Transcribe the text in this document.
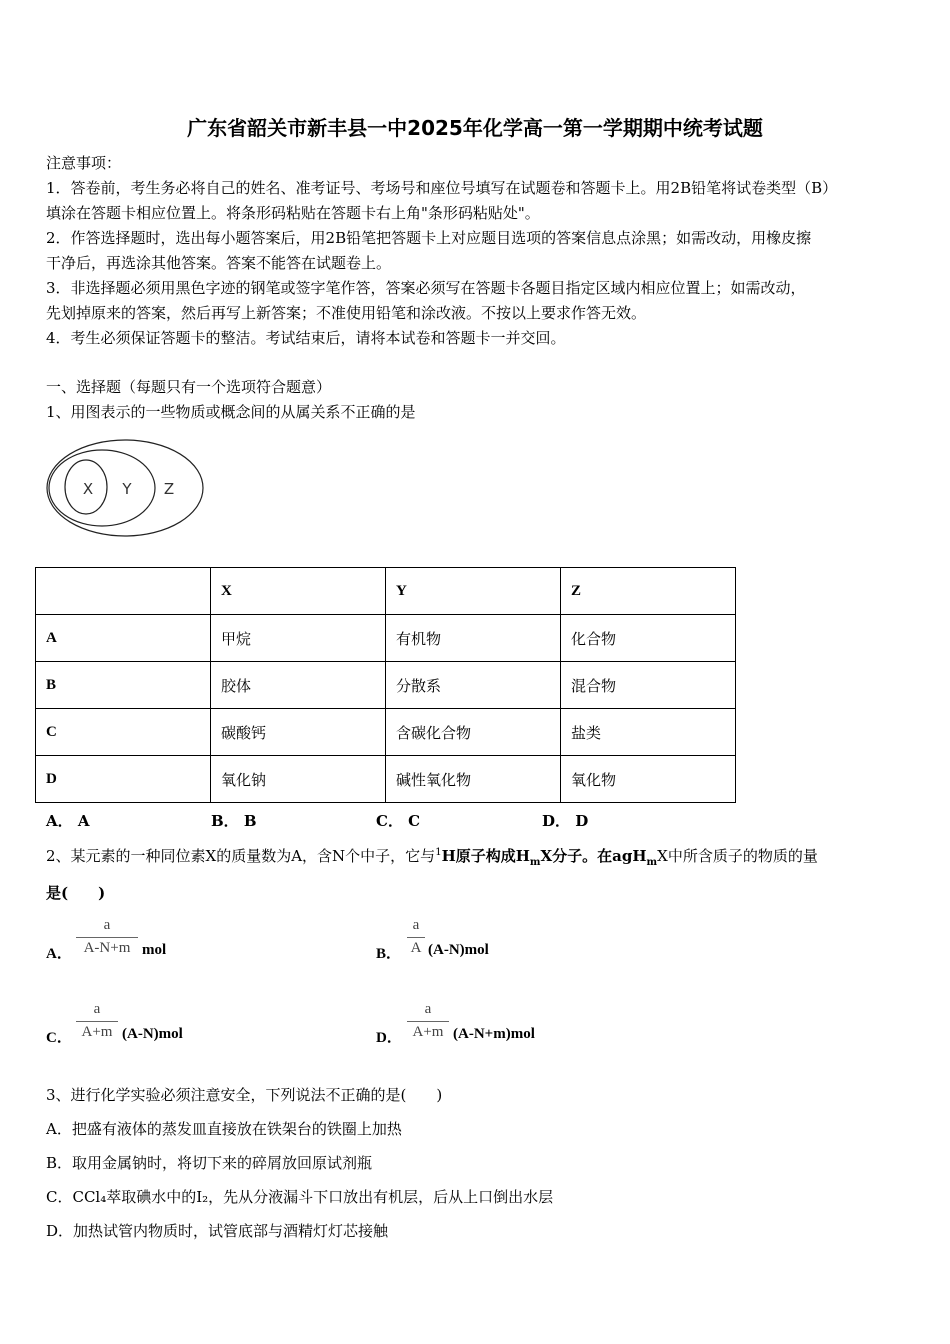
广东省韶关市新丰县一中2025年化学高一第一学期期中统考试题
注意事项：
1．答卷前，考生务必将自己的姓名、准考证号、考场号和座位号填写在试题卷和答题卡上。用2B铅笔将试卷类型（B）
填涂在答题卡相应位置上。将条形码粘贴在答题卡右上角"条形码粘贴处"。
2．作答选择题时，选出每小题答案后，用2B铅笔把答题卡上对应题目选项的答案信息点涂黑；如需改动，用橡皮擦
干净后，再选涂其他答案。答案不能答在试题卷上。
3．非选择题必须用黑色字迹的钢笔或签字笔作答，答案必须写在答题卡各题目指定区域内相应位置上；如需改动，
先划掉原来的答案，然后再写上新答案；不准使用铅笔和涂改液。不按以上要求作答无效。
4．考生必须保证答题卡的整洁。考试结束后，请将本试卷和答题卡一并交回。
一、选择题（每题只有一个选项符合题意）
1、用图表示的一些物质或概念间的从属关系不正确的是
X Y Z
	X	Y	Z
A	甲烷	有机物	化合物
B	胶体	分散系	混合物
C	碳酸钙	含碳化合物	盐类
D	氧化钠	碱性氧化物	氧化物
A． A	B． B	C． C	D． D
2、某元素的一种同位素X的质量数为A，含N个中子，它与$^1$H原子构成$H_mX$分子。在agH$_m$X中所含质子的物质的量
是(　　)
A．
a
A-N+m mol	B．
a
A (A-N)mol
C．
a
A+m (A-N)mol	D．
a
A+m (A-N+m)mol
3、进行化学实验必须注意安全，下列说法不正确的是(　　)
A．把盛有液体的蒸发皿直接放在铁架台的铁圈上加热
B．取用金属钠时，将切下来的碎屑放回原试剂瓶
C．CCl₄萃取碘水中的I₂，先从分液漏斗下口放出有机层，后从上口倒出水层
D．加热试管内物质时，试管底部与酒精灯灯芯接触
